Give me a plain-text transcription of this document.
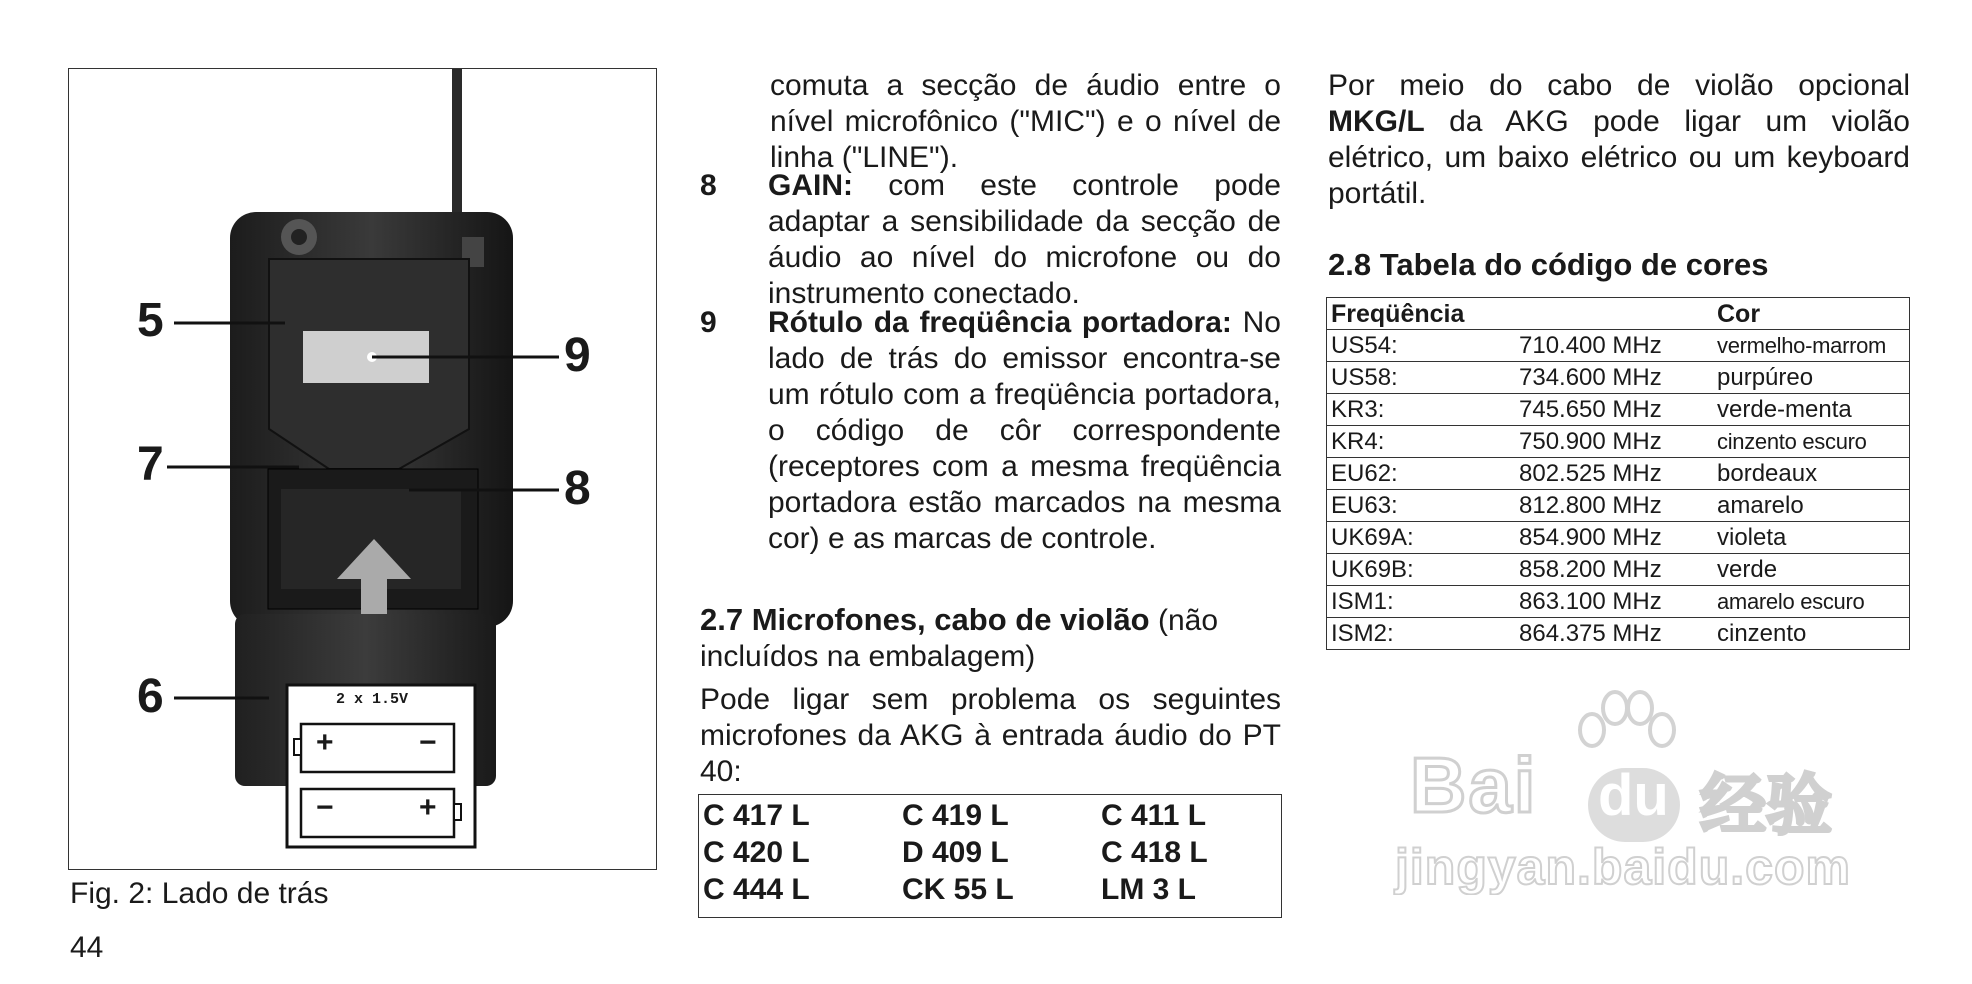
5
7
6
9
8
2 x 1.5V
+	−
−	+
Fig. 2: Lado de trás
44
comuta a secção de áudio entre o nível microfônico ("MIC") e o nível de linha ("LINE").
8	GAIN: com este controle pode adaptar a sensibilidade da secção de áudio ao nível do microfone ou do instrumento conectado.
9	Rótulo da freqüência portadora: No lado de trás do emissor encontra-se um rótulo com a freqüência portadora, o código de côr correspondente (receptores com a mesma freqüência portadora estão marcados na mesma cor) e as marcas de controle.
2.7 Microfones, cabo de violão (não incluídos na embalagem)
Pode ligar sem problema os seguintes microfones da AKG à entrada áudio do PT 40:
C 417 L	C 419 L	C 411 L
C 420 L	D 409 L	C 418 L
C 444 L	CK 55 L	LM 3 L
Por meio do cabo de violão opcional MKG/L da AKG pode ligar um violão elétrico, um baixo elétrico ou um keyboard portátil.
2.8 Tabela do código de cores
Freqüência		Cor
US54:	710.400 MHz	vermelho-marrom
US58:	734.600 MHz	purpúreo
KR3:	745.650 MHz	verde-menta
KR4:	750.900 MHz	cinzento escuro
EU62:	802.525 MHz	bordeaux
EU63:	812.800 MHz	amarelo
UK69A:	854.900 MHz	violeta
UK69B:	858.200 MHz	verde
ISM1:	863.100 MHz	amarelo escuro
ISM2:	864.375 MHz	cinzento
Bai du 经验
jingyan.baidu.com
